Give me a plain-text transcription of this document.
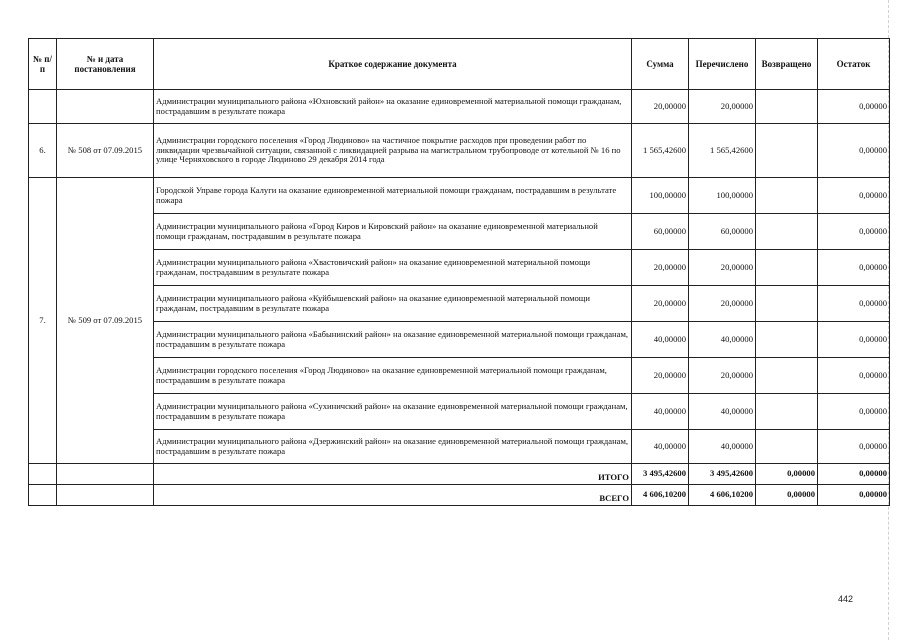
№ п/п	№ и дата постановления	Краткое содержание документа	Сумма	Перечислено	Возвращено	Остаток
		Администрации муниципального района «Юхновский район» на оказание единовременной материальной помощи гражданам, пострадавшим в результате пожара	20,00000	20,00000		0,00000
6.	№ 508 от 07.09.2015	Администрации городского поселения «Город Людиново» на частичное покрытие расходов при проведении работ по ликвидации чрезвычайной ситуации, связанной с ликвидацией разрыва на магистральном трубопроводе от котельной № 16 по улице Черняховского в городе Людиново 29 декабря 2014 года	1 565,42600	1 565,42600		0,00000
7.	№ 509 от 07.09.2015	Городской Управе города Калуги на оказание единовременной материальной помощи гражданам, пострадавшим в результате пожара	100,00000	100,00000		0,00000
		Администрации муниципального района «Город Киров и Кировский район» на оказание единовременной материальной помощи гражданам, пострадавшим в результате пожара	60,00000	60,00000		0,00000
		Администрации муниципального района «Хвастовичский район» на оказание единовременной материальной помощи гражданам, пострадавшим в результате пожара	20,00000	20,00000		0,00000
		Администрации муниципального района «Куйбышевский район» на оказание единовременной материальной помощи гражданам, пострадавшим в результате пожара	20,00000	20,00000		0,00000
		Администрации муниципального района «Бабынинский район» на оказание единовременной материальной помощи гражданам, пострадавшим в результате пожара	40,00000	40,00000		0,00000
		Администрации городского поселения «Город Людиново» на оказание единовременной материальной помощи гражданам, пострадавшим в результате пожара	20,00000	20,00000		0,00000
		Администрации муниципального района «Сухиничский район» на оказание единовременной материальной помощи гражданам, пострадавшим в результате пожара	40,00000	40,00000		0,00000
		Администрации муниципального района «Дзержинский район» на оказание единовременной материальной помощи гражданам, пострадавшим в результате пожара	40,00000	40,00000		0,00000
		ИТОГО	3 495,42600	3 495,42600	0,00000	0,00000
		ВСЕГО	4 606,10200	4 606,10200	0,00000	0,00000
442
